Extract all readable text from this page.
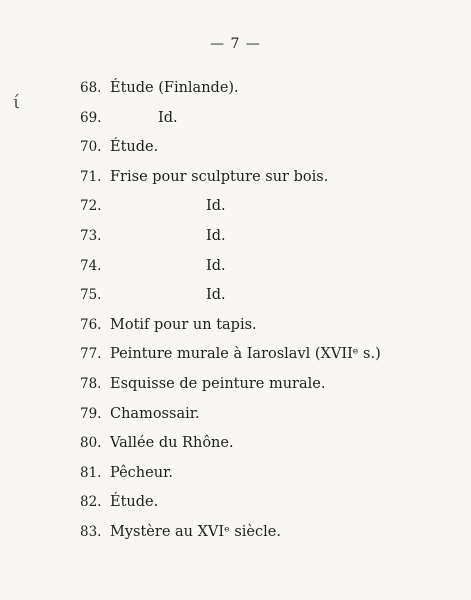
— 7 —
ί
68. Étude (Finlande).
69.	Id.
70. Étude.
71. Frise pour sculpture sur bois.
72.	Id.
73.	Id.
74.	Id.
75.	Id.
76. Motif pour un tapis.
77. Peinture murale à Iaroslavl (XVIIᵉ s.)
78. Esquisse de peinture murale.
79. Chamossair.
80. Vallée du Rhône.
81. Pêcheur.
82. Étude.
83. Mystère au XVIᵉ siècle.
